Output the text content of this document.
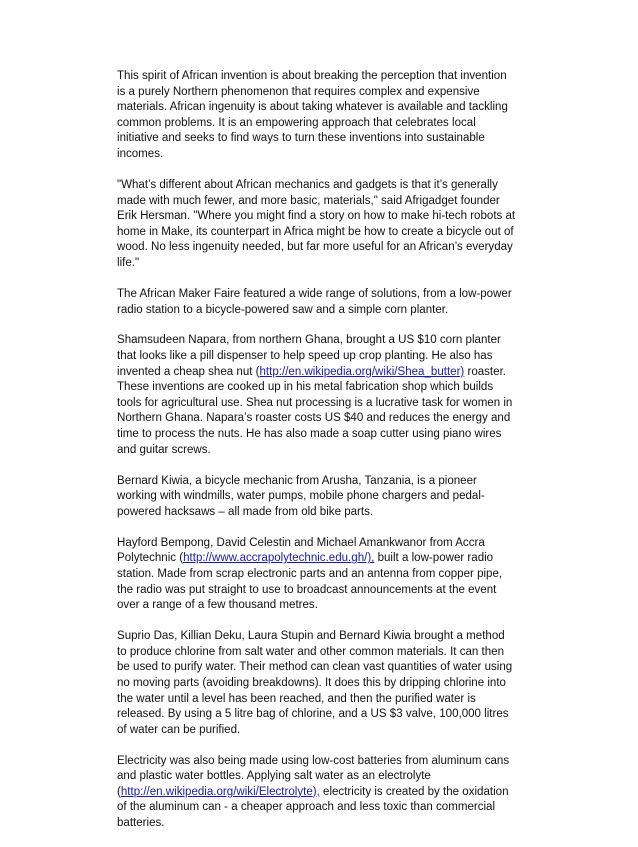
This spirit of African invention is about breaking the perception that invention
is a purely Northern phenomenon that requires complex and expensive
materials. African ingenuity is about taking whatever is available and tackling
common problems. It is an empowering approach that celebrates local
initiative and seeks to find ways to turn these inventions into sustainable
incomes.

"What’s different about African mechanics and gadgets is that it’s generally
made with much fewer, and more basic, materials," said Afrigadget founder
Erik Hersman. "Where you might find a story on how to make hi-tech robots at
home in Make, its counterpart in Africa might be how to create a bicycle out of
wood. No less ingenuity needed, but far more useful for an African’s everyday
life."

The African Maker Faire featured a wide range of solutions, from a low-power
radio station to a bicycle-powered saw and a simple corn planter.

Shamsudeen Napara, from northern Ghana, brought a US $10 corn planter
that looks like a pill dispenser to help speed up crop planting. He also has
invented a cheap shea nut (http://en.wikipedia.org/wiki/Shea_butter) roaster.
These inventions are cooked up in his metal fabrication shop which builds
tools for agricultural use. Shea nut processing is a lucrative task for women in
Northern Ghana. Napara’s roaster costs US $40 and reduces the energy and
time to process the nuts. He has also made a soap cutter using piano wires
and guitar screws.

Bernard Kiwia, a bicycle mechanic from Arusha, Tanzania, is a pioneer
working with windmills, water pumps, mobile phone chargers and pedal-
powered hacksaws – all made from old bike parts.

Hayford Bempong, David Celestin and Michael Amankwanor from Accra
Polytechnic (http://www.accrapolytechnic.edu.gh/), built a low-power radio
station. Made from scrap electronic parts and an antenna from copper pipe,
the radio was put straight to use to broadcast announcements at the event
over a range of a few thousand metres.

Suprio Das, Killian Deku, Laura Stupin and Bernard Kiwia brought a method
to produce chlorine from salt water and other common materials. It can then
be used to purify water. Their method can clean vast quantities of water using
no moving parts (avoiding breakdowns). It does this by dripping chlorine into
the water until a level has been reached, and then the purified water is
released. By using a 5 litre bag of chlorine, and a US $3 valve, 100,000 litres
of water can be purified.

Electricity was also being made using low-cost batteries from aluminum cans
and plastic water bottles. Applying salt water as an electrolyte
(http://en.wikipedia.org/wiki/Electrolyte), electricity is created by the oxidation
of the aluminum can - a cheaper approach and less toxic than commercial
batteries.
